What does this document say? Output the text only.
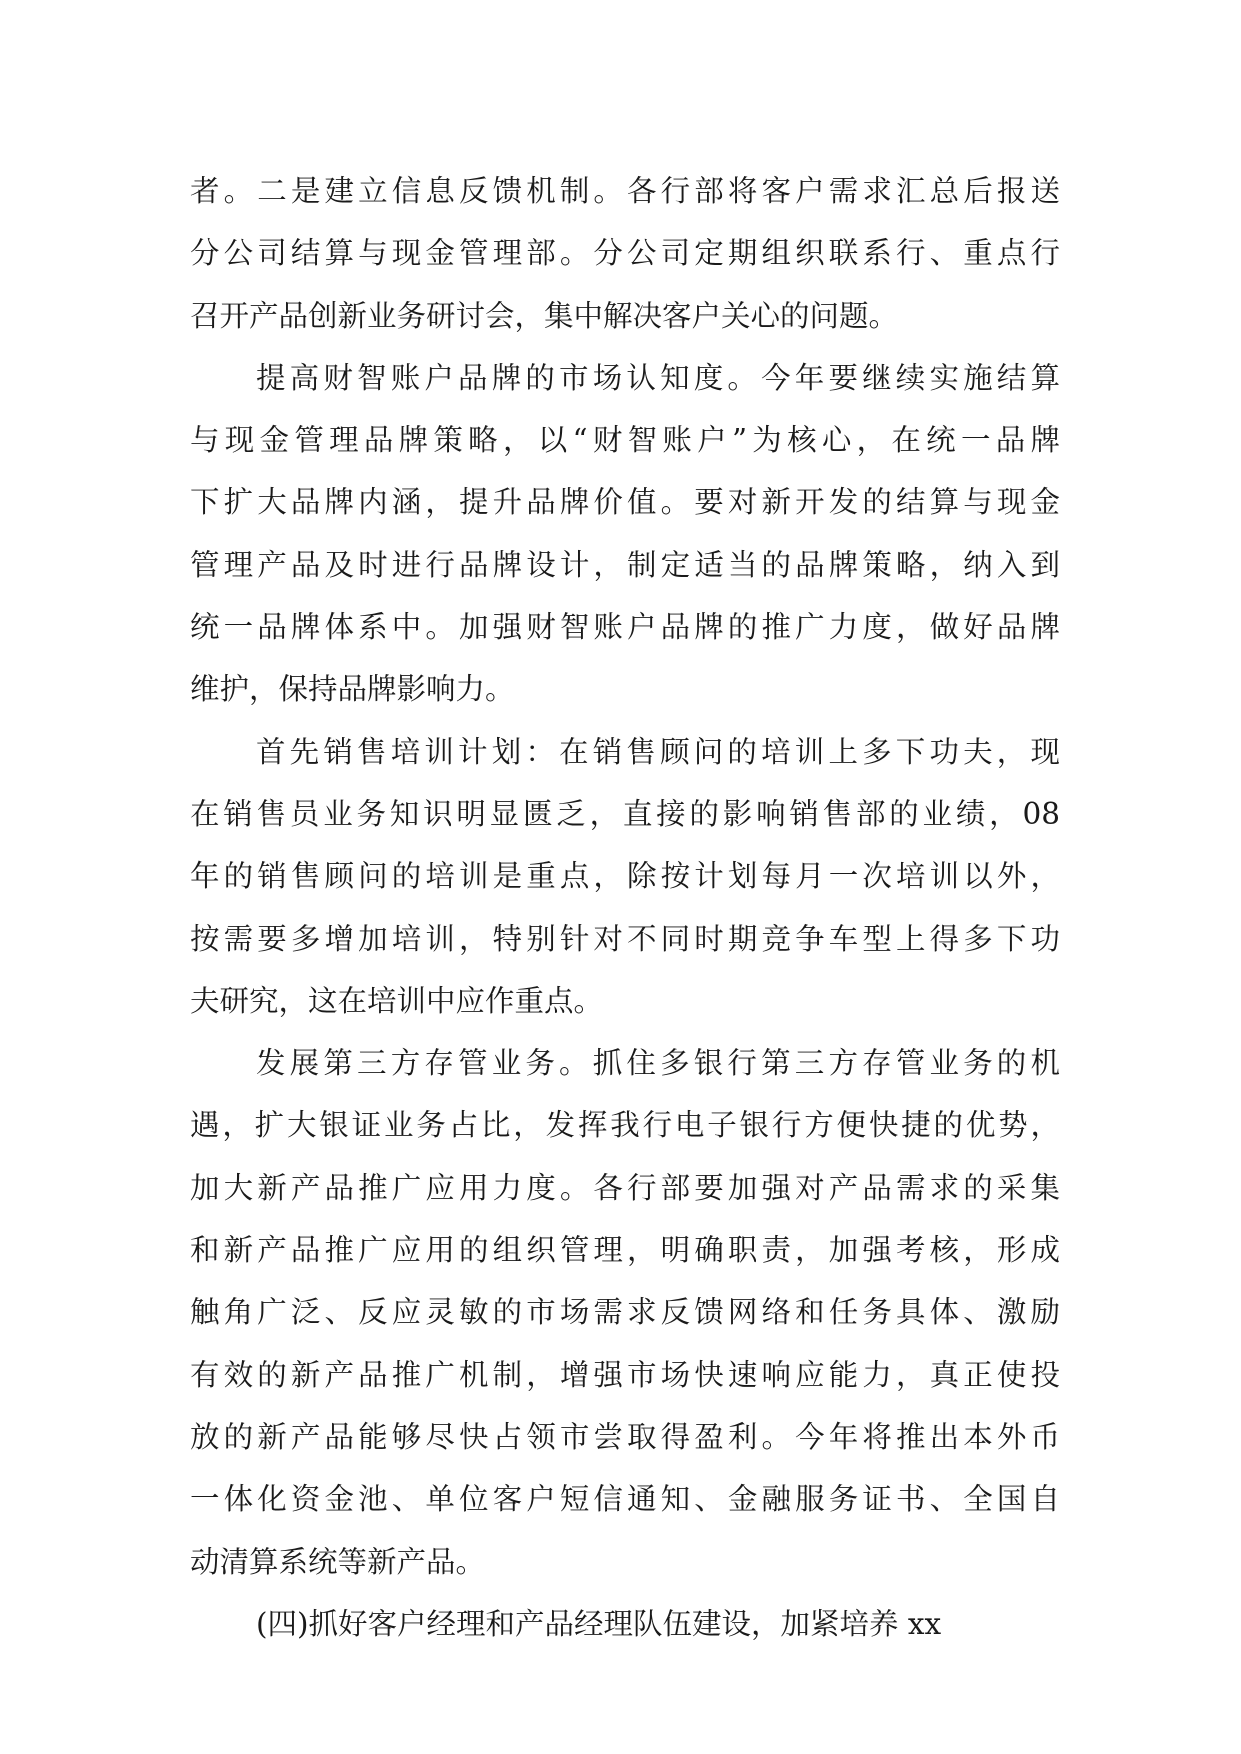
者。二是建立信息反馈机制。各行部将客户需求汇总后报送
分公司结算与现金管理部。分公司定期组织联系行、重点行
召开产品创新业务研讨会，集中解决客户关心的问题。
提高财智账户品牌的市场认知度。今年要继续实施结算
与现金管理品牌策略，以“财智账户”为核心，在统一品牌
下扩大品牌内涵，提升品牌价值。要对新开发的结算与现金
管理产品及时进行品牌设计，制定适当的品牌策略，纳入到
统一品牌体系中。加强财智账户品牌的推广力度，做好品牌
维护，保持品牌影响力。
首先销售培训计划：在销售顾问的培训上多下功夫，现
在销售员业务知识明显匮乏，直接的影响销售部的业绩，08
年的销售顾问的培训是重点，除按计划每月一次培训以外，
按需要多增加培训，特别针对不同时期竞争车型上得多下功
夫研究，这在培训中应作重点。
发展第三方存管业务。抓住多银行第三方存管业务的机
遇，扩大银证业务占比，发挥我行电子银行方便快捷的优势，
加大新产品推广应用力度。各行部要加强对产品需求的采集
和新产品推广应用的组织管理，明确职责，加强考核，形成
触角广泛、反应灵敏的市场需求反馈网络和任务具体、激励
有效的新产品推广机制，增强市场快速响应能力，真正使投
放的新产品能够尽快占领市尝取得盈利。今年将推出本外币
一体化资金池、单位客户短信通知、金融服务证书、全国自
动清算系统等新产品。
(四)抓好客户经理和产品经理队伍建设，加紧培养 xx
